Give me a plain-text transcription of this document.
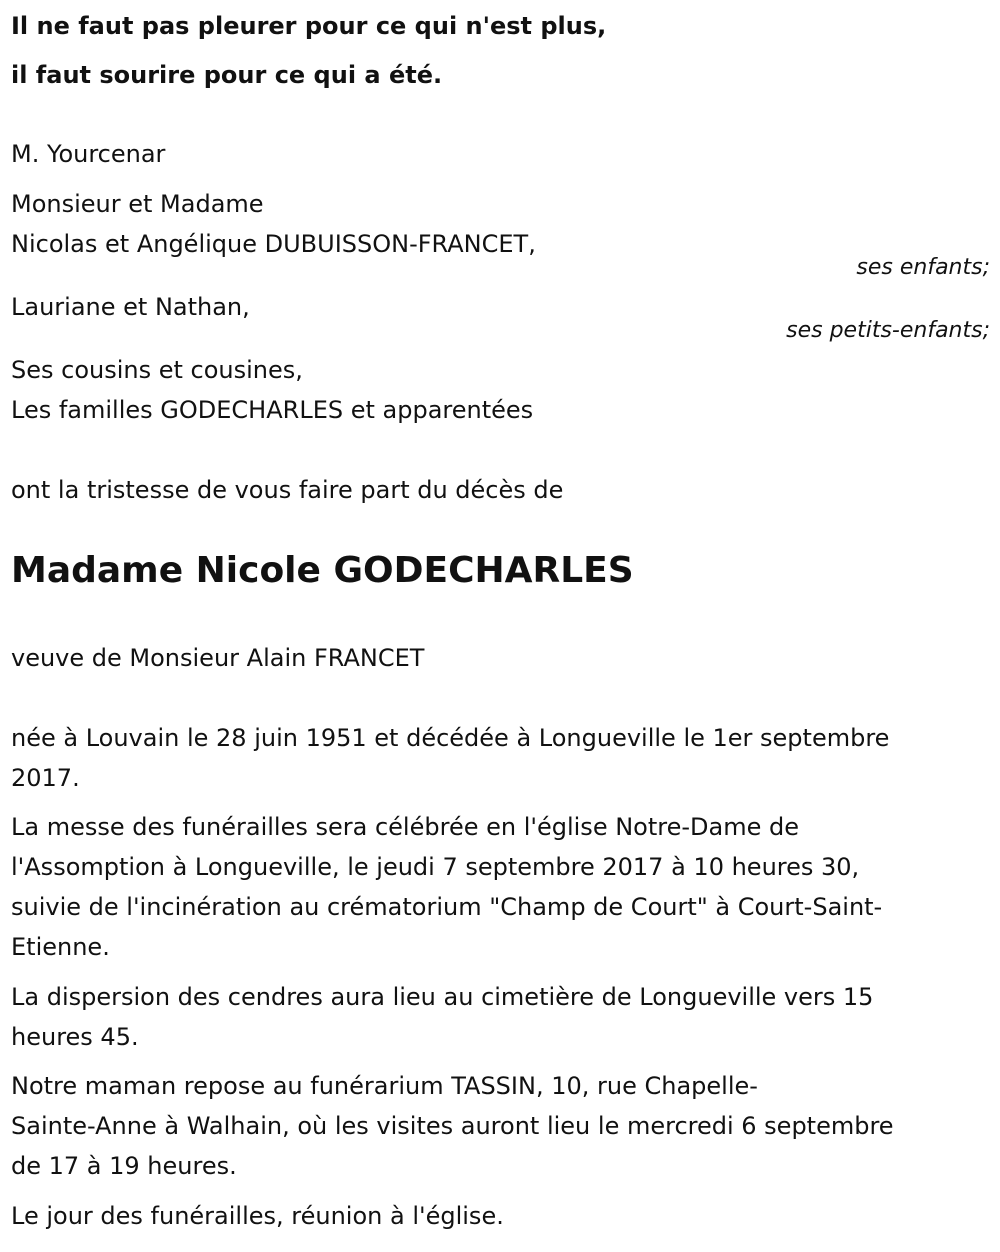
Il ne faut pas pleurer pour ce qui n'est plus,

il faut sourire pour ce qui a été.

M. Yourcenar

Monsieur et Madame

Nicolas et Angélique DUBUISSON-FRANCET,

ses enfants;

Lauriane et Nathan,

ses petits-enfants;

Ses cousins et cousines,

Les familles GODECHARLES et apparentées

ont la tristesse de vous faire part du décès de

Madame Nicole GODECHARLES

veuve de Monsieur Alain FRANCET

née à Louvain le 28 juin 1951 et décédée à Longueville le 1er septembre

2017.

La messe des funérailles sera célébrée en l'église Notre-Dame de

l'Assomption à Longueville, le jeudi 7 septembre 2017 à 10 heures 30,

suivie de l'incinération au crématorium "Champ de Court" à Court-Saint-

Etienne.

La dispersion des cendres aura lieu au cimetière de Longueville vers 15

heures 45.

Notre maman repose au funérarium TASSIN, 10, rue Chapelle-

Sainte-Anne à Walhain, où les visites auront lieu le mercredi 6 septembre

de 17 à 19 heures.

Le jour des funérailles, réunion à l'église.
